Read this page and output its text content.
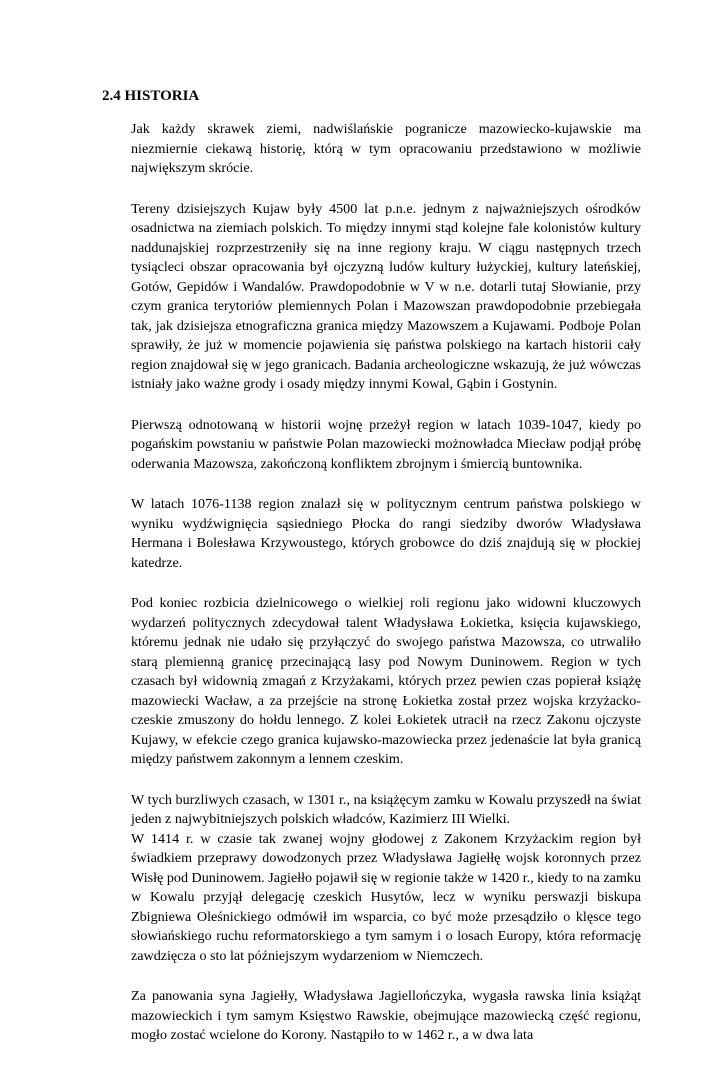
2.4 HISTORIA

Jak każdy skrawek ziemi, nadwiślańskie pogranicze mazowiecko-kujawskie ma niezmiernie ciekawą historię, którą w tym opracowaniu przedstawiono w możliwie największym skrócie.

Tereny dzisiejszych Kujaw były 4500 lat p.n.e. jednym z najważniejszych ośrodków osadnictwa na ziemiach polskich. To między innymi stąd kolejne fale kolonistów kultury naddunajskiej rozprzestrzeniły się na inne regiony kraju. W ciągu następnych trzech tysiącleci obszar opracowania był ojczyzną ludów kultury łużyckiej, kultury lateńskiej, Gotów, Gepidów i Wandalów. Prawdopodobnie w V w n.e. dotarli tutaj Słowianie, przy czym granica terytoriów plemiennych Polan i Mazowszan prawdopodobnie przebiegała tak, jak dzisiejsza etnograficzna granica między Mazowszem a Kujawami. Podboje Polan sprawiły, że już w momencie pojawienia się państwa polskiego na kartach historii cały region znajdował się w jego granicach. Badania archeologiczne wskazują, że już wówczas istniały jako ważne grody i osady między innymi Kowal, Gąbin i Gostynin.

Pierwszą odnotowaną w historii wojnę przeżył region w latach 1039-1047, kiedy po pogańskim powstaniu w państwie Polan mazowiecki możnowładca Miecław podjął próbę oderwania Mazowsza, zakończoną konfliktem zbrojnym i śmiercią buntownika.

W latach 1076-1138 region znalazł się w politycznym centrum państwa polskiego w wyniku wydźwignięcia sąsiedniego Płocka do rangi siedziby dworów Władysława Hermana i Bolesława Krzywoustego, których grobowce do dziś znajdują się w płockiej katedrze.

Pod koniec rozbicia dzielnicowego o wielkiej roli regionu jako widowni kluczowych wydarzeń politycznych zdecydował talent Władysława Łokietka, księcia kujawskiego, któremu jednak nie udało się przyłączyć do swojego państwa Mazowsza, co utrwaliło starą plemienną granicę przecinającą lasy pod Nowym Duninowem. Region w tych czasach był widownią zmagań z Krzyżakami, których przez pewien czas popierał książę mazowiecki Wacław, a za przejście na stronę Łokietka został przez wojska krzyżacko-czeskie zmuszony do hołdu lennego. Z kolei Łokietek utracił na rzecz Zakonu ojczyste Kujawy, w efekcie czego granica kujawsko-mazowiecka przez jedenaście lat była granicą między państwem zakonnym a lennem czeskim.

W tych burzliwych czasach, w 1301 r., na książęcym zamku w Kowalu przyszedł na świat jeden z najwybitniejszych polskich władców, Kazimierz III Wielki.

W 1414 r. w czasie tak zwanej wojny głodowej z Zakonem Krzyżackim region był świadkiem przeprawy dowodzonych przez Władysława Jagiełłę wojsk koronnych przez Wisłę pod Duninowem. Jagiełło pojawił się w regionie także w 1420 r., kiedy to na zamku w Kowalu przyjął delegację czeskich Husytów, lecz w wyniku perswazji biskupa Zbigniewa Oleśnickiego odmówił im wsparcia, co być może przesądziło o klęsce tego słowiańskiego ruchu reformatorskiego a tym samym i o losach Europy, która reformację zawdzięcza o sto lat późniejszym wydarzeniom w Niemczech.

Za panowania syna Jagiełły, Władysława Jagiellończyka, wygasła rawska linia książąt mazowieckich i tym samym Księstwo Rawskie, obejmujące mazowiecką część regionu, mogło zostać wcielone do Korony. Nastąpiło to w 1462 r., a w dwa lata
